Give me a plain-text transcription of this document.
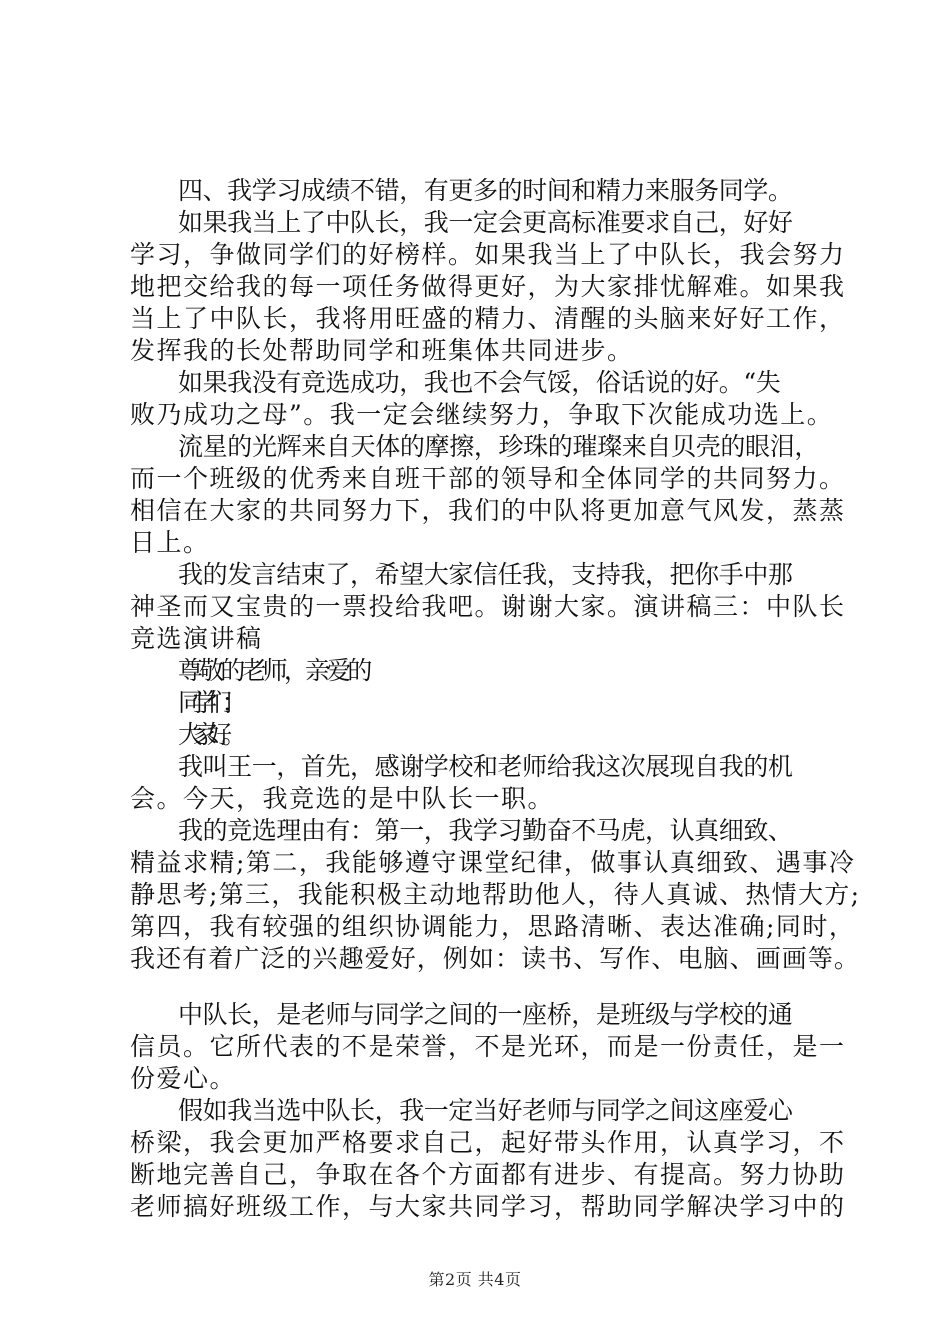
四、我学习成绩不错，有更多的时间和精力来服务同学。
如果我当上了中队长，我一定会更高标准要求自己，好好
学习，争做同学们的好榜样。如果我当上了中队长，我会努力
地把交给我的每一项任务做得更好，为大家排忧解难。如果我
当上了中队长，我将用旺盛的精力、清醒的头脑来好好工作，
发挥我的长处帮助同学和班集体共同进步。
如果我没有竞选成功，我也不会气馁，俗话说的好。“失
败乃成功之母”。我一定会继续努力，争取下次能成功选上。
流星的光辉来自天体的摩擦，珍珠的璀璨来自贝壳的眼泪，
而一个班级的优秀来自班干部的领导和全体同学的共同努力。
相信在大家的共同努力下，我们的中队将更加意气风发，蒸蒸
日上。
我的发言结束了，希望大家信任我，支持我，把你手中那
神圣而又宝贵的一票投给我吧。谢谢大家。演讲稿三：中队长
竞选演讲稿
尊敬的老师，亲爱的
同学们：
大家好。
我叫王一，首先，感谢学校和老师给我这次展现自我的机
会。今天，我竞选的是中队长一职。
我的竞选理由有：第一，我学习勤奋不马虎，认真细致、
精益求精;第二，我能够遵守课堂纪律，做事认真细致、遇事冷
静思考;第三，我能积极主动地帮助他人，待人真诚、热情大方;
第四，我有较强的组织协调能力，思路清晰、表达准确;同时，
我还有着广泛的兴趣爱好，例如：读书、写作、电脑、画画等。
中队长，是老师与同学之间的一座桥，是班级与学校的通
信员。它所代表的不是荣誉，不是光环，而是一份责任，是一
份爱心。
假如我当选中队长，我一定当好老师与同学之间这座爱心
桥梁，我会更加严格要求自己，起好带头作用，认真学习，不
断地完善自己，争取在各个方面都有进步、有提高。努力协助
老师搞好班级工作，与大家共同学习，帮助同学解决学习中的
第2页 共4页
